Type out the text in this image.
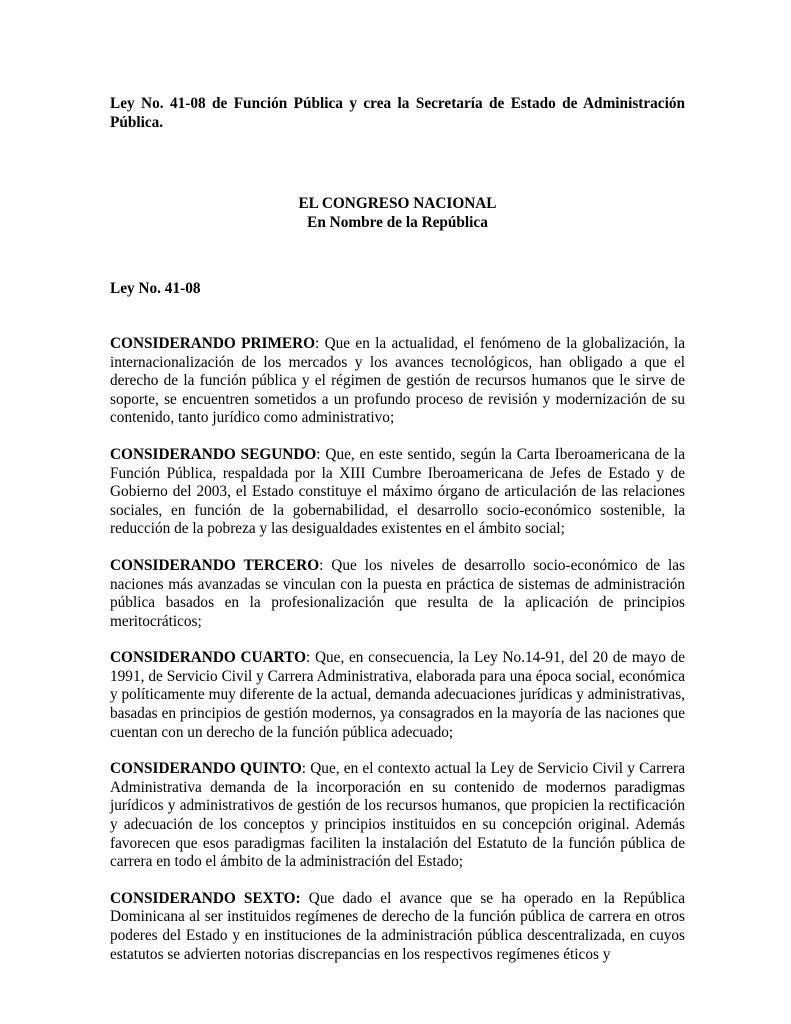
Ley No. 41-08 de Función Pública y crea la Secretaría de Estado de Administración Pública.

EL CONGRESO NACIONAL

En Nombre de la República

Ley No. 41-08

CONSIDERANDO PRIMERO: Que en la actualidad, el fenómeno de la globalización, la internacionalización de los mercados y los avances tecnológicos, han obligado a que el derecho de la función pública y el régimen de gestión de recursos humanos que le sirve de soporte, se encuentren sometidos a un profundo proceso de revisión y modernización de su contenido, tanto jurídico como administrativo;

CONSIDERANDO SEGUNDO: Que, en este sentido, según la Carta Iberoamericana de la Función Pública, respaldada por la XIII Cumbre Iberoamericana de Jefes de Estado y de Gobierno del 2003, el Estado constituye el máximo órgano de articulación de las relaciones sociales, en función de la gobernabilidad, el desarrollo socio-económico sostenible, la reducción de la pobreza y las desigualdades existentes en el ámbito social;

CONSIDERANDO TERCERO: Que los niveles de desarrollo socio-económico de las naciones más avanzadas se vinculan con la puesta en práctica de sistemas de administración pública basados en la profesionalización que resulta de la aplicación de principios meritocráticos;

CONSIDERANDO CUARTO: Que, en consecuencia, la Ley No.14-91, del 20 de mayo de 1991, de Servicio Civil y Carrera Administrativa, elaborada para una época social, económica y políticamente muy diferente de la actual, demanda adecuaciones jurídicas y administrativas, basadas en principios de gestión modernos, ya consagrados en la mayoría de las naciones que cuentan con un derecho de la función pública adecuado;

CONSIDERANDO QUINTO: Que, en el contexto actual la Ley de Servicio Civil y Carrera Administrativa demanda de la incorporación en su contenido de modernos paradigmas jurídicos y administrativos de gestión de los recursos humanos, que propicien la rectificación y adecuación de los conceptos y principios instituidos en su concepción original. Además favorecen que esos paradigmas faciliten la instalación del Estatuto de la función pública de carrera en todo el ámbito de la administración del Estado;

CONSIDERANDO SEXTO: Que dado el avance que se ha operado en la República Dominicana al ser instituidos regímenes de derecho de la función pública de carrera en otros poderes del Estado y en instituciones de la administración pública descentralizada, en cuyos estatutos se advierten notorias discrepancias en los respectivos regímenes éticos y
